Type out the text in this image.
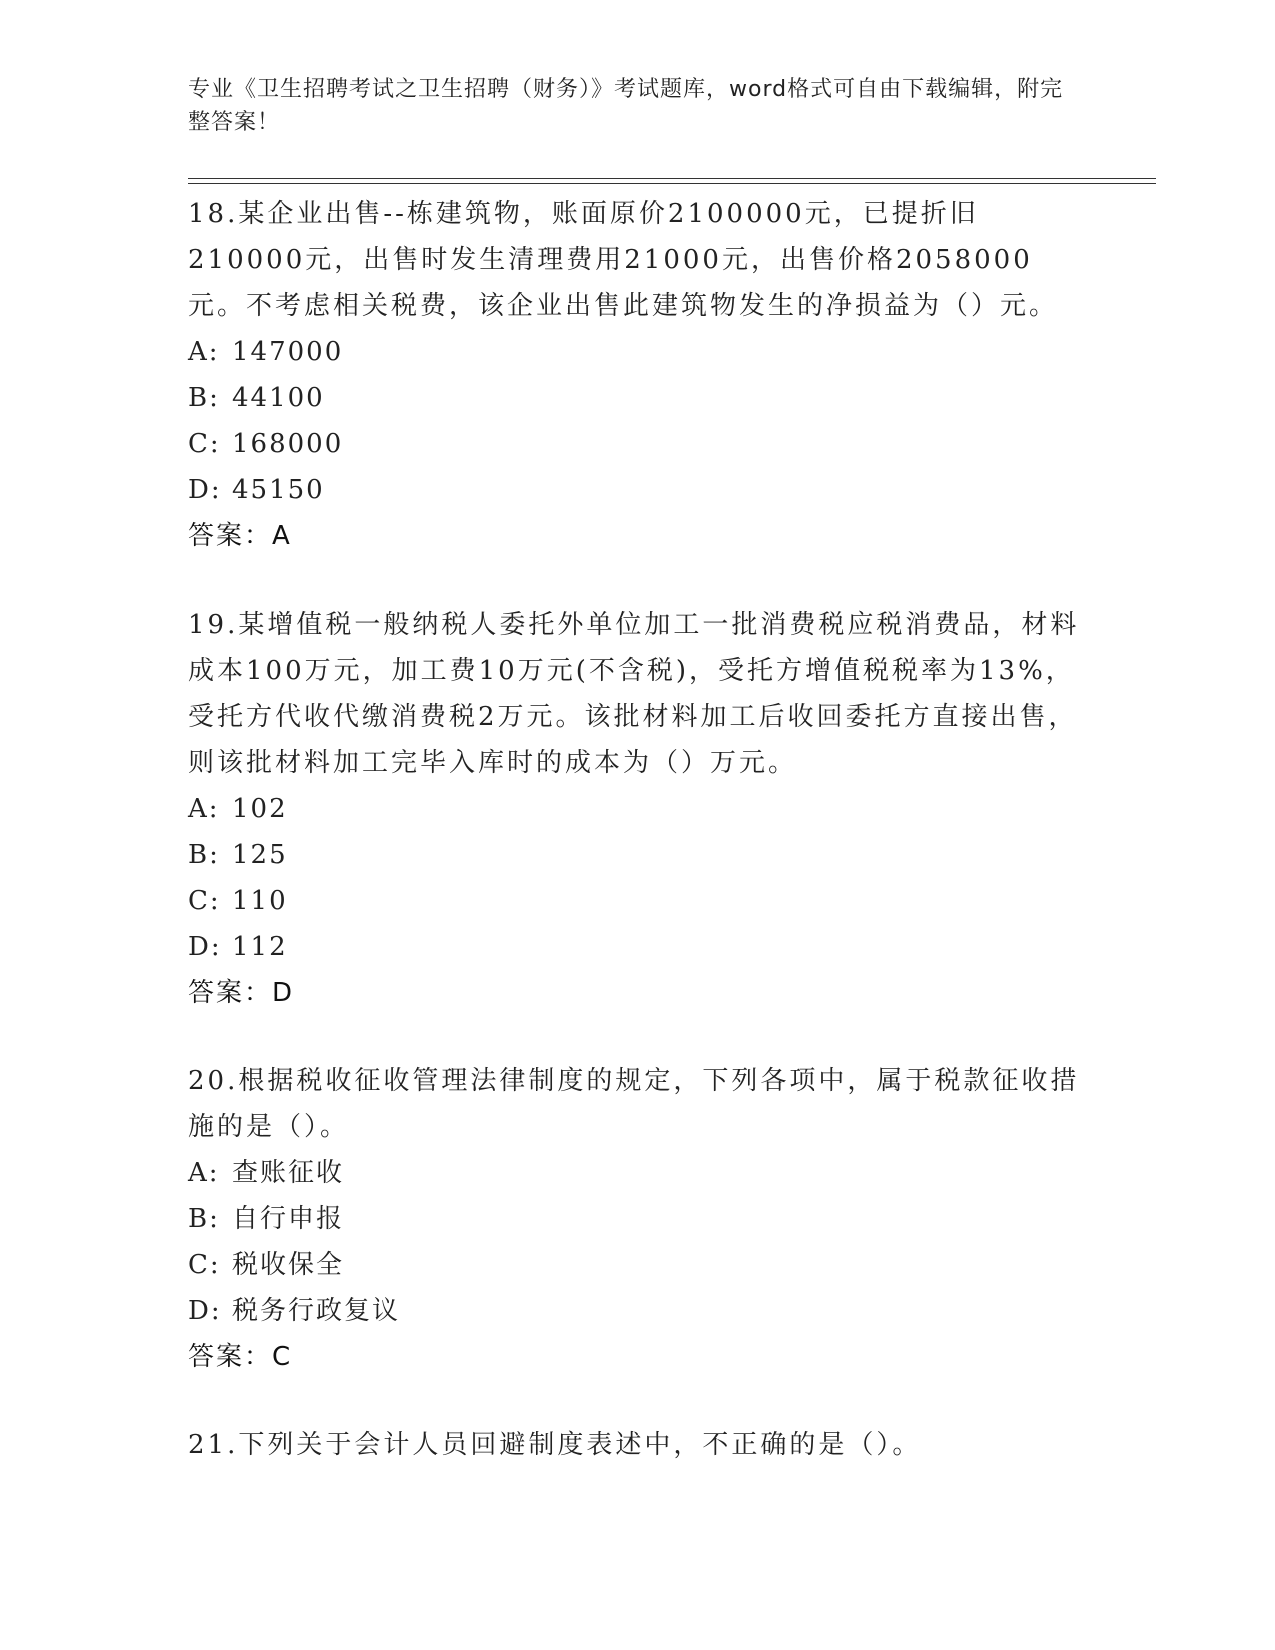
专业《卫生招聘考试之卫生招聘（财务）》考试题库，word格式可自由下载编辑，附完整答案！
18.某企业出售--栋建筑物，账面原价2100000元，已提折旧210000元，出售时发生清理费用21000元，出售价格2058000元。不考虑相关税费，该企业出售此建筑物发生的净损益为（）元。
A: 147000
B: 44100
C: 168000
D: 45150
答案：A
19.某增值税一般纳税人委托外单位加工一批消费税应税消费品，材料成本100万元，加工费10万元(不含税)，受托方增值税税率为13%，受托方代收代缴消费税2万元。该批材料加工后收回委托方直接出售，则该批材料加工完毕入库时的成本为（）万元。
A: 102
B: 125
C: 110
D: 112
答案：D
20.根据税收征收管理法律制度的规定，下列各项中，属于税款征收措施的是（）。
A: 查账征收
B: 自行申报
C: 税收保全
D: 税务行政复议
答案：C
21.下列关于会计人员回避制度表述中，不正确的是（）。
